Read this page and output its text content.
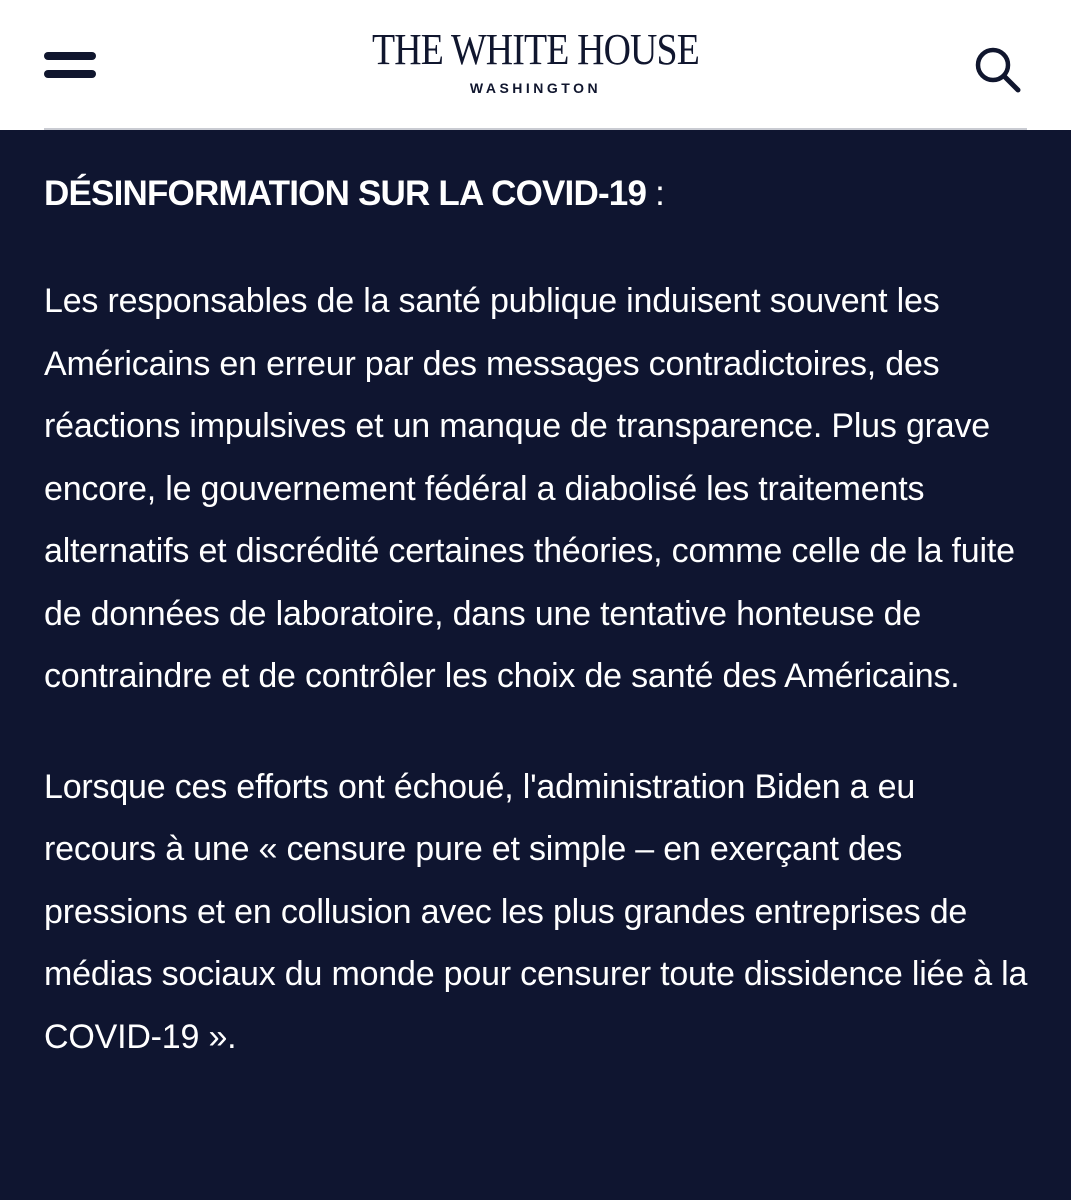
THE WHITE HOUSE
WASHINGTON
DÉSINFORMATION SUR LA COVID-19 :

Les responsables de la santé publique induisent souvent les Américains en erreur par des messages contradictoires, des réactions impulsives et un manque de transparence. Plus grave encore, le gouvernement fédéral a diabolisé les traitements alternatifs et discrédité certaines théories, comme celle de la fuite de données de laboratoire, dans une tentative honteuse de contraindre et de contrôler les choix de santé des Américains.

Lorsque ces efforts ont échoué, l'administration Biden a eu recours à une « censure pure et simple – en exerçant des pressions et en collusion avec les plus grandes entreprises de médias sociaux du monde pour censurer toute dissidence liée à la COVID-19 ».
